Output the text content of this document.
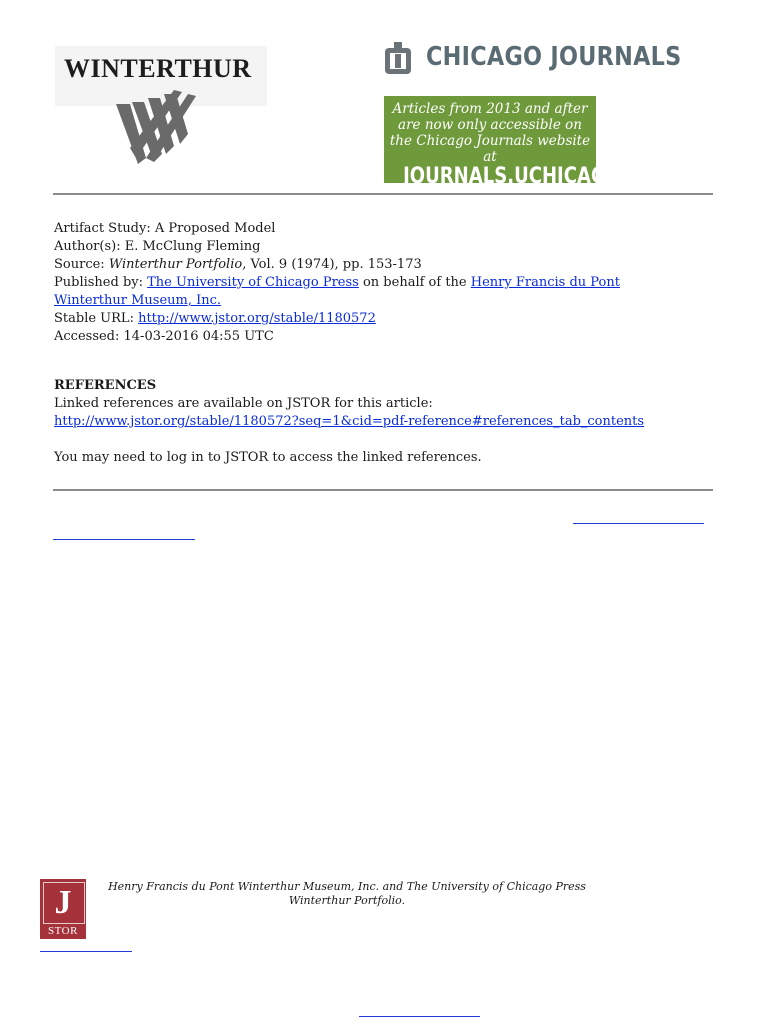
WINTERTHUR	CHICAGO JOURNALS
Articles from 2013 and after
are now only accessible on
the Chicago Journals website at
JOURNALS.UCHICAGO.EDU
Artifact Study: A Proposed Model
Author(s): E. McClung Fleming
Source: Winterthur Portfolio, Vol. 9 (1974), pp. 153-173
Published by: The University of Chicago Press on behalf of the Henry Francis du Pont
Winterthur Museum, Inc.
Stable URL: http://www.jstor.org/stable/1180572
Accessed: 14-03-2016 04:55 UTC
REFERENCES
Linked references are available on JSTOR for this article:
http://www.jstor.org/stable/1180572?seq=1&cid=pdf-reference#references_tab_contents
You may need to log in to JSTOR to access the linked references.
J
STOR
Henry Francis du Pont Winterthur Museum, Inc. and The University of Chicago Press
Winterthur Portfolio.
